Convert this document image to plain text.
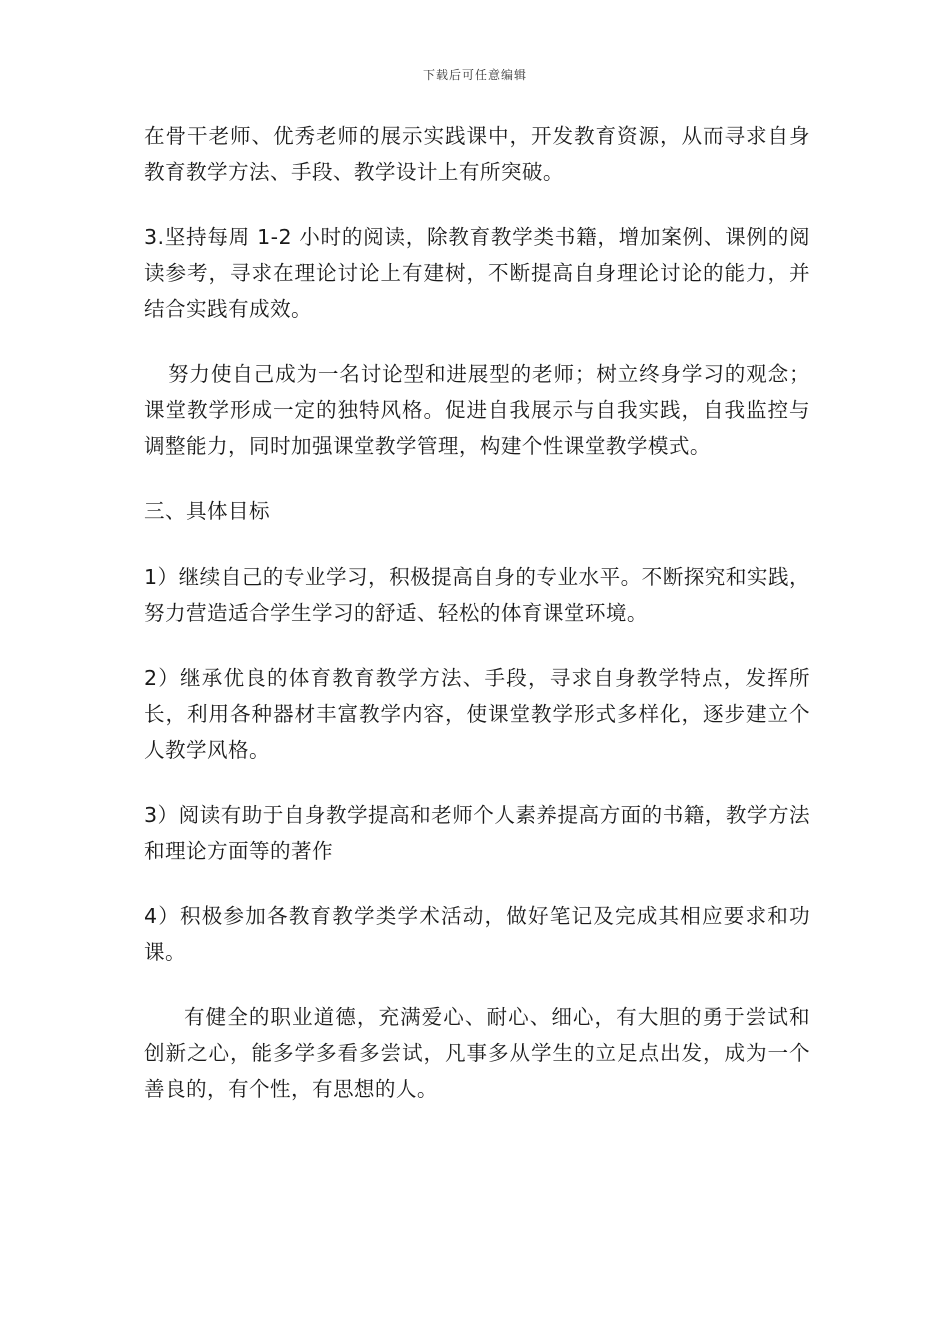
下载后可任意编辑

在骨干老师、优秀老师的展示实践课中，开发教育资源，从而寻求自身教育教学方法、手段、教学设计上有所突破。

3.坚持每周 1-2 小时的阅读，除教育教学类书籍，增加案例、课例的阅读参考，寻求在理论讨论上有建树，不断提高自身理论讨论的能力，并结合实践有成效。

努力使自己成为一名讨论型和进展型的老师；树立终身学习的观念；课堂教学形成一定的独特风格。促进自我展示与自我实践，自我监控与调整能力，同时加强课堂教学管理，构建个性课堂教学模式。

三、具体目标

1）继续自己的专业学习，积极提高自身的专业水平。不断探究和实践，努力营造适合学生学习的舒适、轻松的体育课堂环境。

2）继承优良的体育教育教学方法、手段，寻求自身教学特点，发挥所长，利用各种器材丰富教学内容，使课堂教学形式多样化，逐步建立个人教学风格。

3）阅读有助于自身教学提高和老师个人素养提高方面的书籍，教学方法和理论方面等的著作

4）积极参加各教育教学类学术活动，做好笔记及完成其相应要求和功课。

有健全的职业道德，充满爱心、耐心、细心，有大胆的勇于尝试和创新之心，能多学多看多尝试，凡事多从学生的立足点出发，成为一个善良的，有个性，有思想的人。
